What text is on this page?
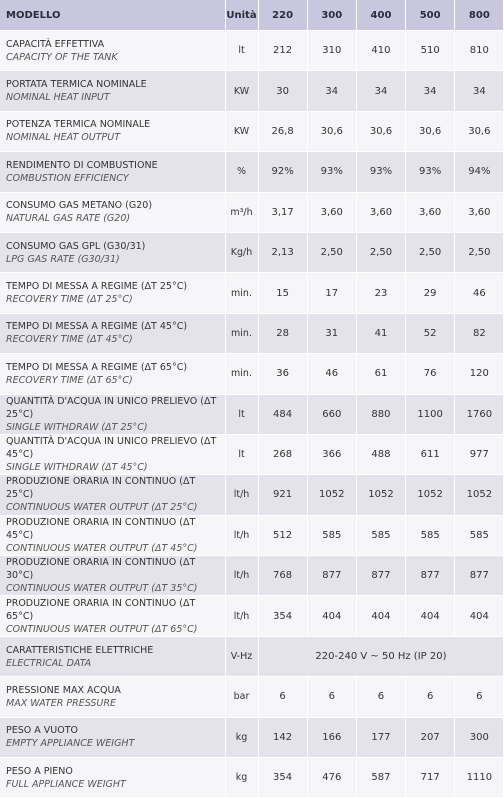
MODELLO	Unità	220	300	400	500	800

CAPACITÀ EFFETTIVA
CAPACITY OF THE TANK	lt	212	310	410	510	810

PORTATA TERMICA NOMINALE
NOMINAL HEAT INPUT	KW	30	34	34	34	34

POTENZA TERMICA NOMINALE
NOMINAL HEAT OUTPUT	KW	26,8	30,6	30,6	30,6	30,6

RENDIMENTO DI COMBUSTIONE
COMBUSTION EFFICIENCY	%	92%	93%	93%	93%	94%

CONSUMO GAS METANO (G20)
NATURAL GAS RATE (G20)	m³/h	3,17	3,60	3,60	3,60	3,60

CONSUMO GAS GPL (G30/31)
LPG GAS RATE (G30/31)	Kg/h	2,13	2,50	2,50	2,50	2,50

TEMPO DI MESSA A REGIME (ΔT 25°C)
RECOVERY TIME (ΔT 25°C)	min.	15	17	23	29	46

TEMPO DI MESSA A REGIME (ΔT 45°C)
RECOVERY TIME (ΔT 45°C)	min.	28	31	41	52	82

TEMPO DI MESSA A REGIME (ΔT 65°C)
RECOVERY TIME (ΔT 65°C)	min.	36	46	61	76	120

QUANTITÀ D'ACQUA IN UNICO PRELIEVO (ΔT 25°C)
SINGLE WITHDRAW (ΔT 25°C)	lt	484	660	880	1100	1760

QUANTITÀ D'ACQUA IN UNICO PRELIEVO (ΔT 45°C)
SINGLE WITHDRAW (ΔT 45°C)	lt	268	366	488	611	977

PRODUZIONE ORARIA IN CONTINUO (ΔT 25°C)
CONTINUOUS WATER OUTPUT (ΔT 25°C)	lt/h	921	1052	1052	1052	1052

PRODUZIONE ORARIA IN CONTINUO (ΔT 45°C)
CONTINUOUS WATER OUTPUT (ΔT 45°C)	lt/h	512	585	585	585	585

PRODUZIONE ORARIA IN CONTINUO (ΔT 30°C)
CONTINUOUS WATER OUTPUT (ΔT 35°C)	lt/h	768	877	877	877	877

PRODUZIONE ORARIA IN CONTINUO (ΔT 65°C)
CONTINUOUS WATER OUTPUT (ΔT 65°C)	lt/h	354	404	404	404	404

CARATTERISTICHE ELETTRICHE
ELECTRICAL DATA	V-Hz	220-240 V ~ 50 Hz (IP 20)				

PRESSIONE MAX ACQUA
MAX WATER PRESSURE	bar	6	6	6	6	6

PESO A VUOTO
EMPTY APPLIANCE WEIGHT	kg	142	166	177	207	300

PESO A PIENO
FULL APPLIANCE WEIGHT	kg	354	476	587	717	1110
